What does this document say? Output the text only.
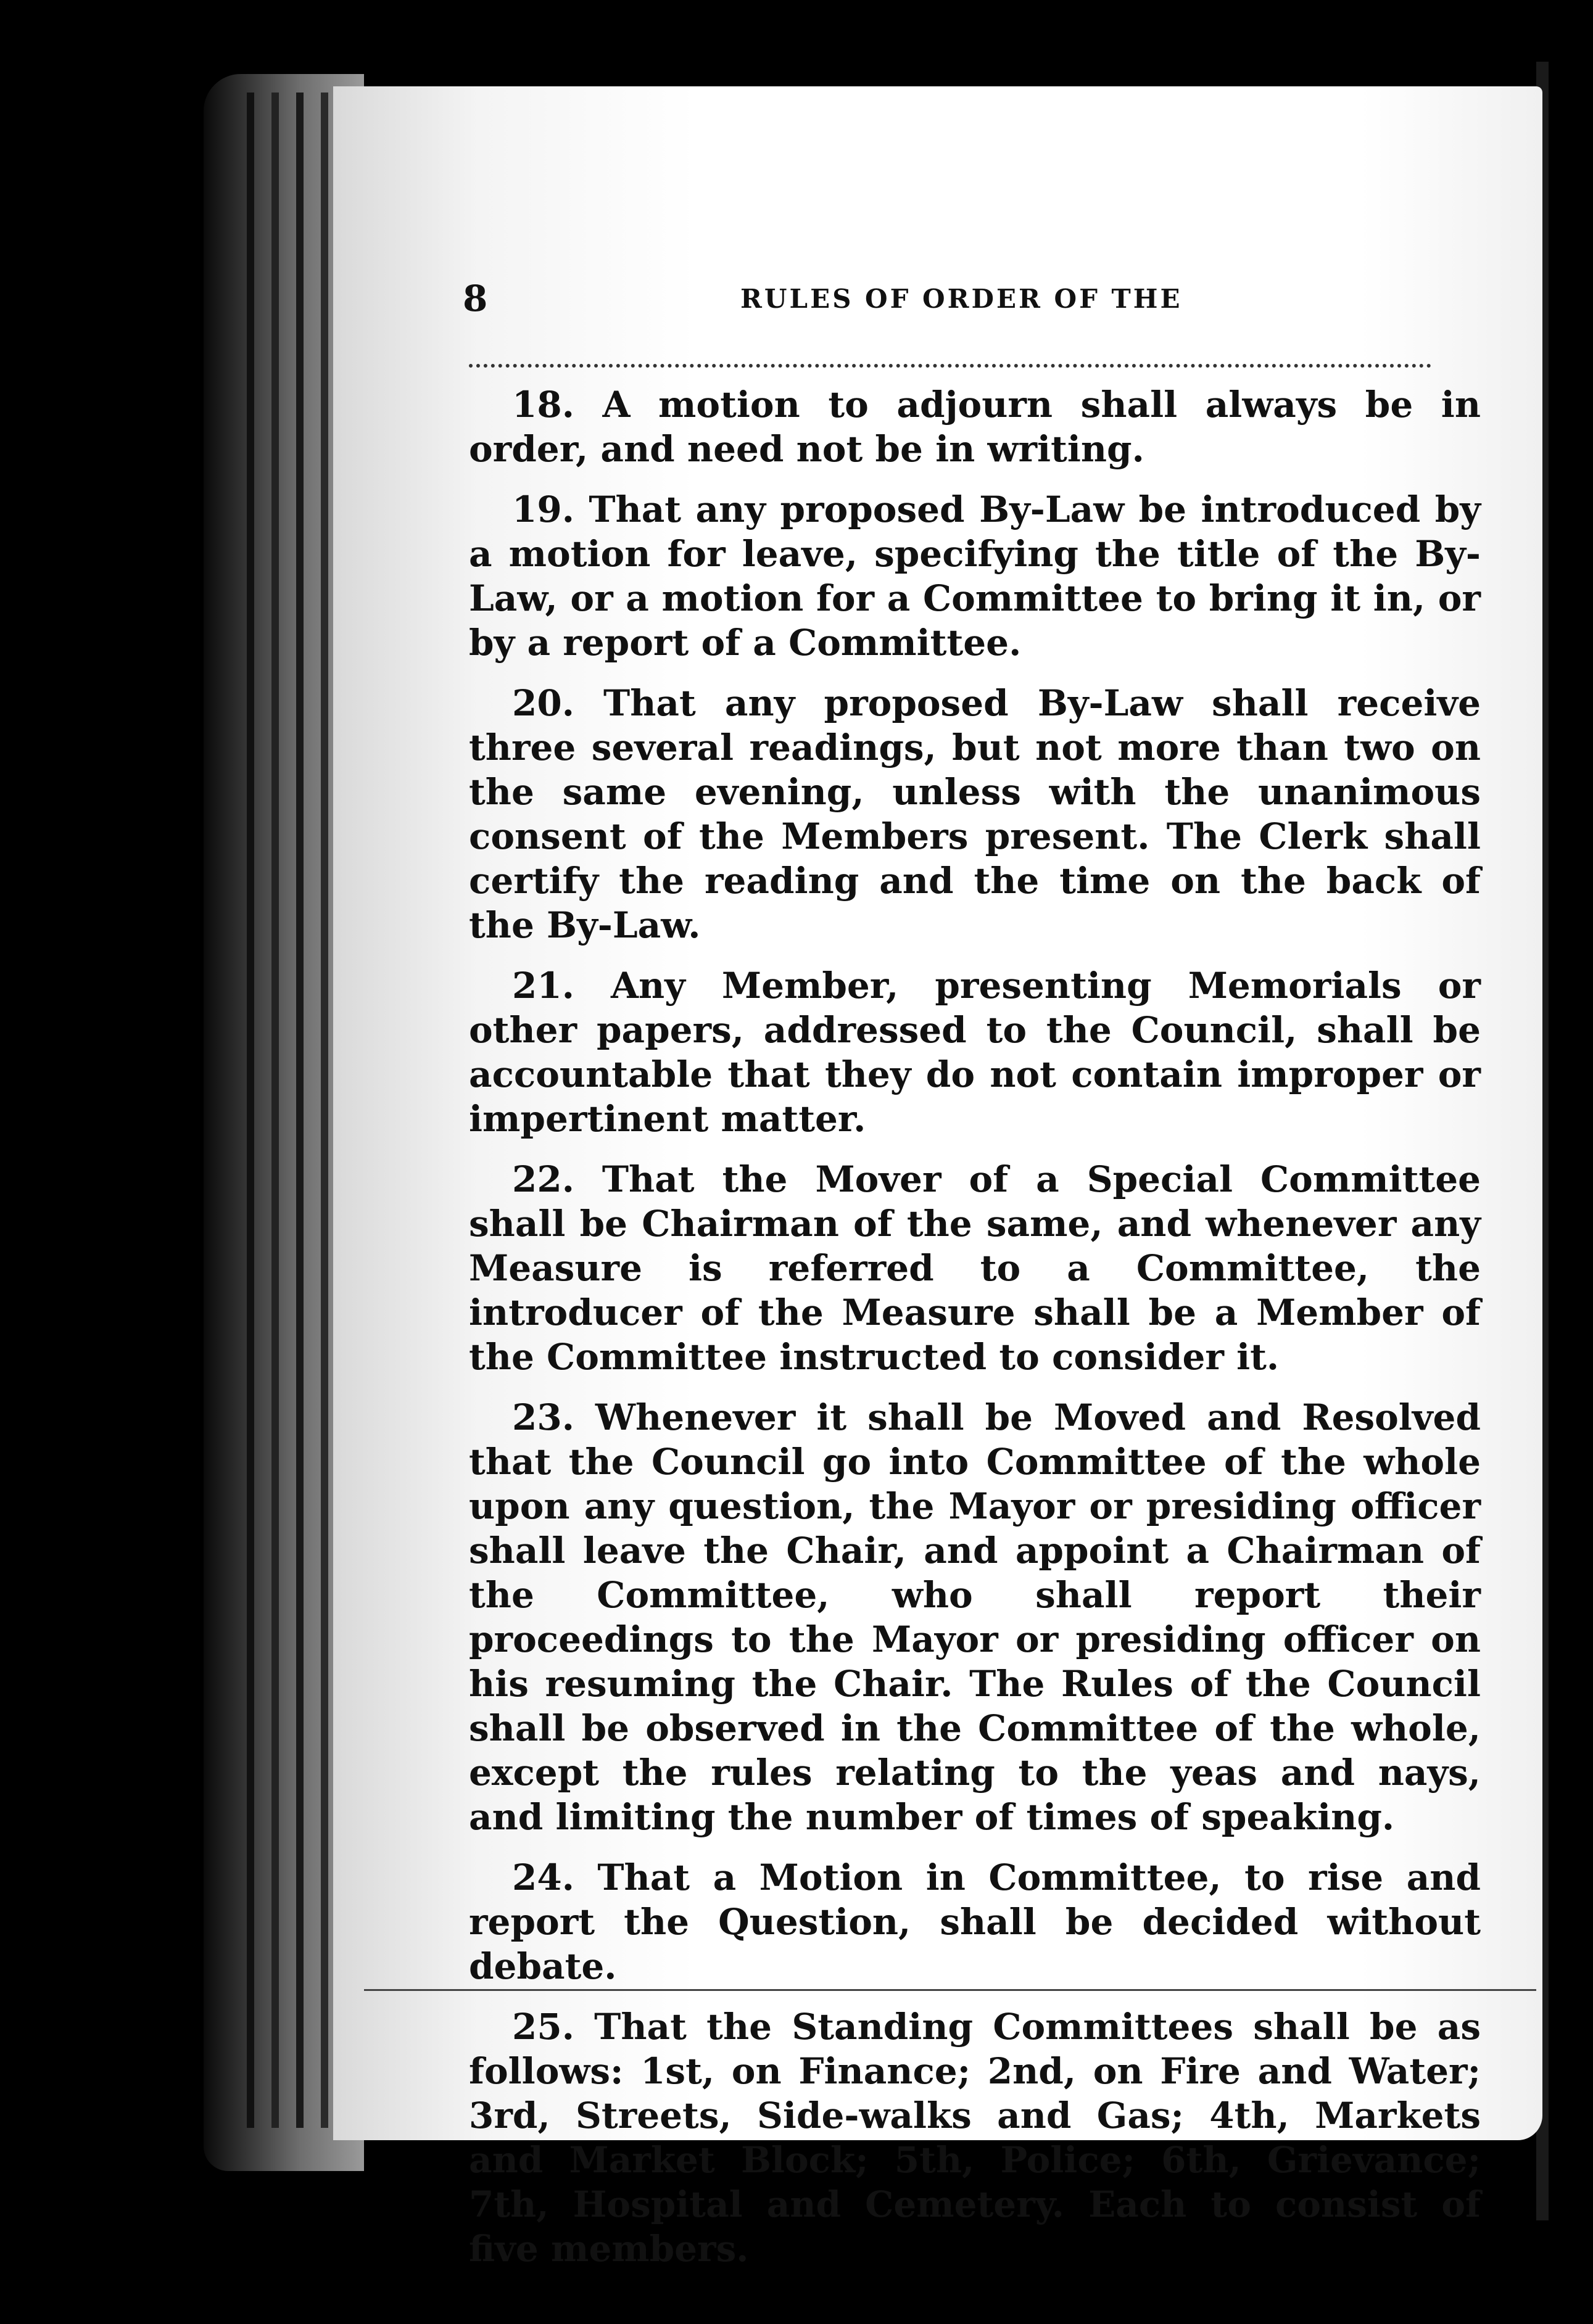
8	RULES OF ORDER OF THE

18. A motion to adjourn shall always be in order, and need not be in writing.

19. That any proposed By-Law be introduced by a motion for leave, specifying the title of the By-Law, or a motion for a Committee to bring it in, or by a report of a Committee.

20. That any proposed By-Law shall receive three several readings, but not more than two on the same evening, unless with the unanimous consent of the Members present. The Clerk shall certify the reading and the time on the back of the By-Law.

21. Any Member, presenting Memorials or other papers, addressed to the Council, shall be accountable that they do not contain improper or impertinent matter.

22. That the Mover of a Special Committee shall be Chairman of the same, and whenever any Measure is referred to a Committee, the introducer of the Measure shall be a Member of the Committee instructed to consider it.

23. Whenever it shall be Moved and Resolved that the Council go into Committee of the whole upon any question, the Mayor or presiding officer shall leave the Chair, and appoint a Chairman of the Committee, who shall report their proceedings to the Mayor or presiding officer on his resuming the Chair. The Rules of the Council shall be observed in the Committee of the whole, except the rules relating to the yeas and nays, and limiting the number of times of speaking.

24. That a Motion in Committee, to rise and report the Question, shall be decided without debate.

25. That the Standing Committees shall be as follows: 1st, on Finance; 2nd, on Fire and Water; 3rd, Streets, Side-walks and Gas; 4th, Markets and Market Block; 5th, Police; 6th, Grievance; 7th, Hospital and Cemetery. Each to consist of five members.
